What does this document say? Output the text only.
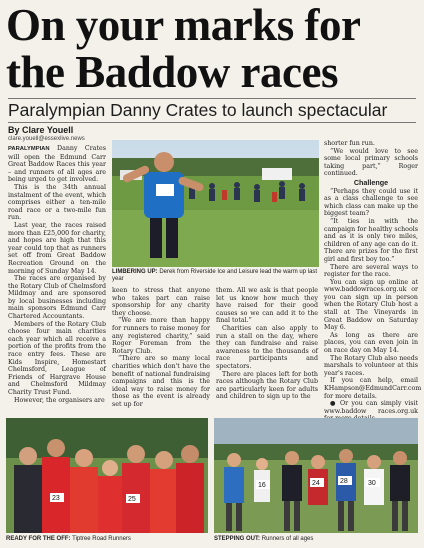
On your marks for
the Baddow races
Paralympian Danny Crates to launch spectacular
By Clare Youell
clare.youell@essexlive.news

PARALYMPIAN Danny Crates will open the Edmund Carr Great Baddow Races this year – and runners of all ages are being urged to get involved.

This is the 34th annual instalment of the event, which comprises either a ten-mile road race or a two-mile fun run.

Last year, the races raised more than £25,000 for charity, and hopes are high that this year could top that as runners set off from Great Baddow Recreation Ground on the morning of Sunday May 14.

The races are organised by the Rotary Club of Chelmsford Mildmay and are sponsored by local businesses including main sponsors Edmund Carr Chartered Accountants.

Members of the Rotary Club choose four main charities each year which all receive a portion of the profits from the race entry fees. These are Kids Inspire, Homestart Chelmsford, League of Friends of Hargrave House and Chelmsford Mildmay Charity Trust Fund.

However, the organisers are

LIMBERING UP: Derek from Riverside Ice and Leisure lead the warm up last year

keen to stress that anyone who takes part can raise sponsorship for any charity they choose.

“We are more than happy for runners to raise money for any registered charity,” said Roger Foreman from the Rotary Club.

“There are so many local charities which don't have the benefit of national fundraising campaigns and this is the ideal way to raise money for those as the event is already set up for

them. All we ask is that people let us know how much they have raised for their good causes so we can add it to the final total.”

Charities can also apply to run a stall on the day, where they can fundraise and raise awareness to the thousands of race participants and spectators.

There are places left for both races although the Rotary Club are particularly keen for adults and children to sign up to the

shorter fun run.

“We would love to see some local primary schools taking part,” Roger continued.

Challenge

“Perhaps they could use it as a class challenge to see which class can make up the biggest team?

“It ties in with the campaign for healthy schools and as it is only two miles, children of any age can do it. There are prizes for the first girl and first boy too.”

There are several ways to register for the race.

You can sign up online at www.baddowraces.org.uk or you can sign up in person when the Rotary Club host a stall at The Vineyards in Great Baddow on Saturday May 6.

As long as there are places, you can even join in on race day on May 14.

The Rotary Club also needs marshals to volunteer at this year's races.

If you can help, email KHampson@EdmundCarr.com for more details.

● Or you can simply visit www.baddow races.org.uk

23	25
READY FOR THE OFF: Tiptree Road Runners
24	28	30
16
STEPPING OUT: Runners of all ages
